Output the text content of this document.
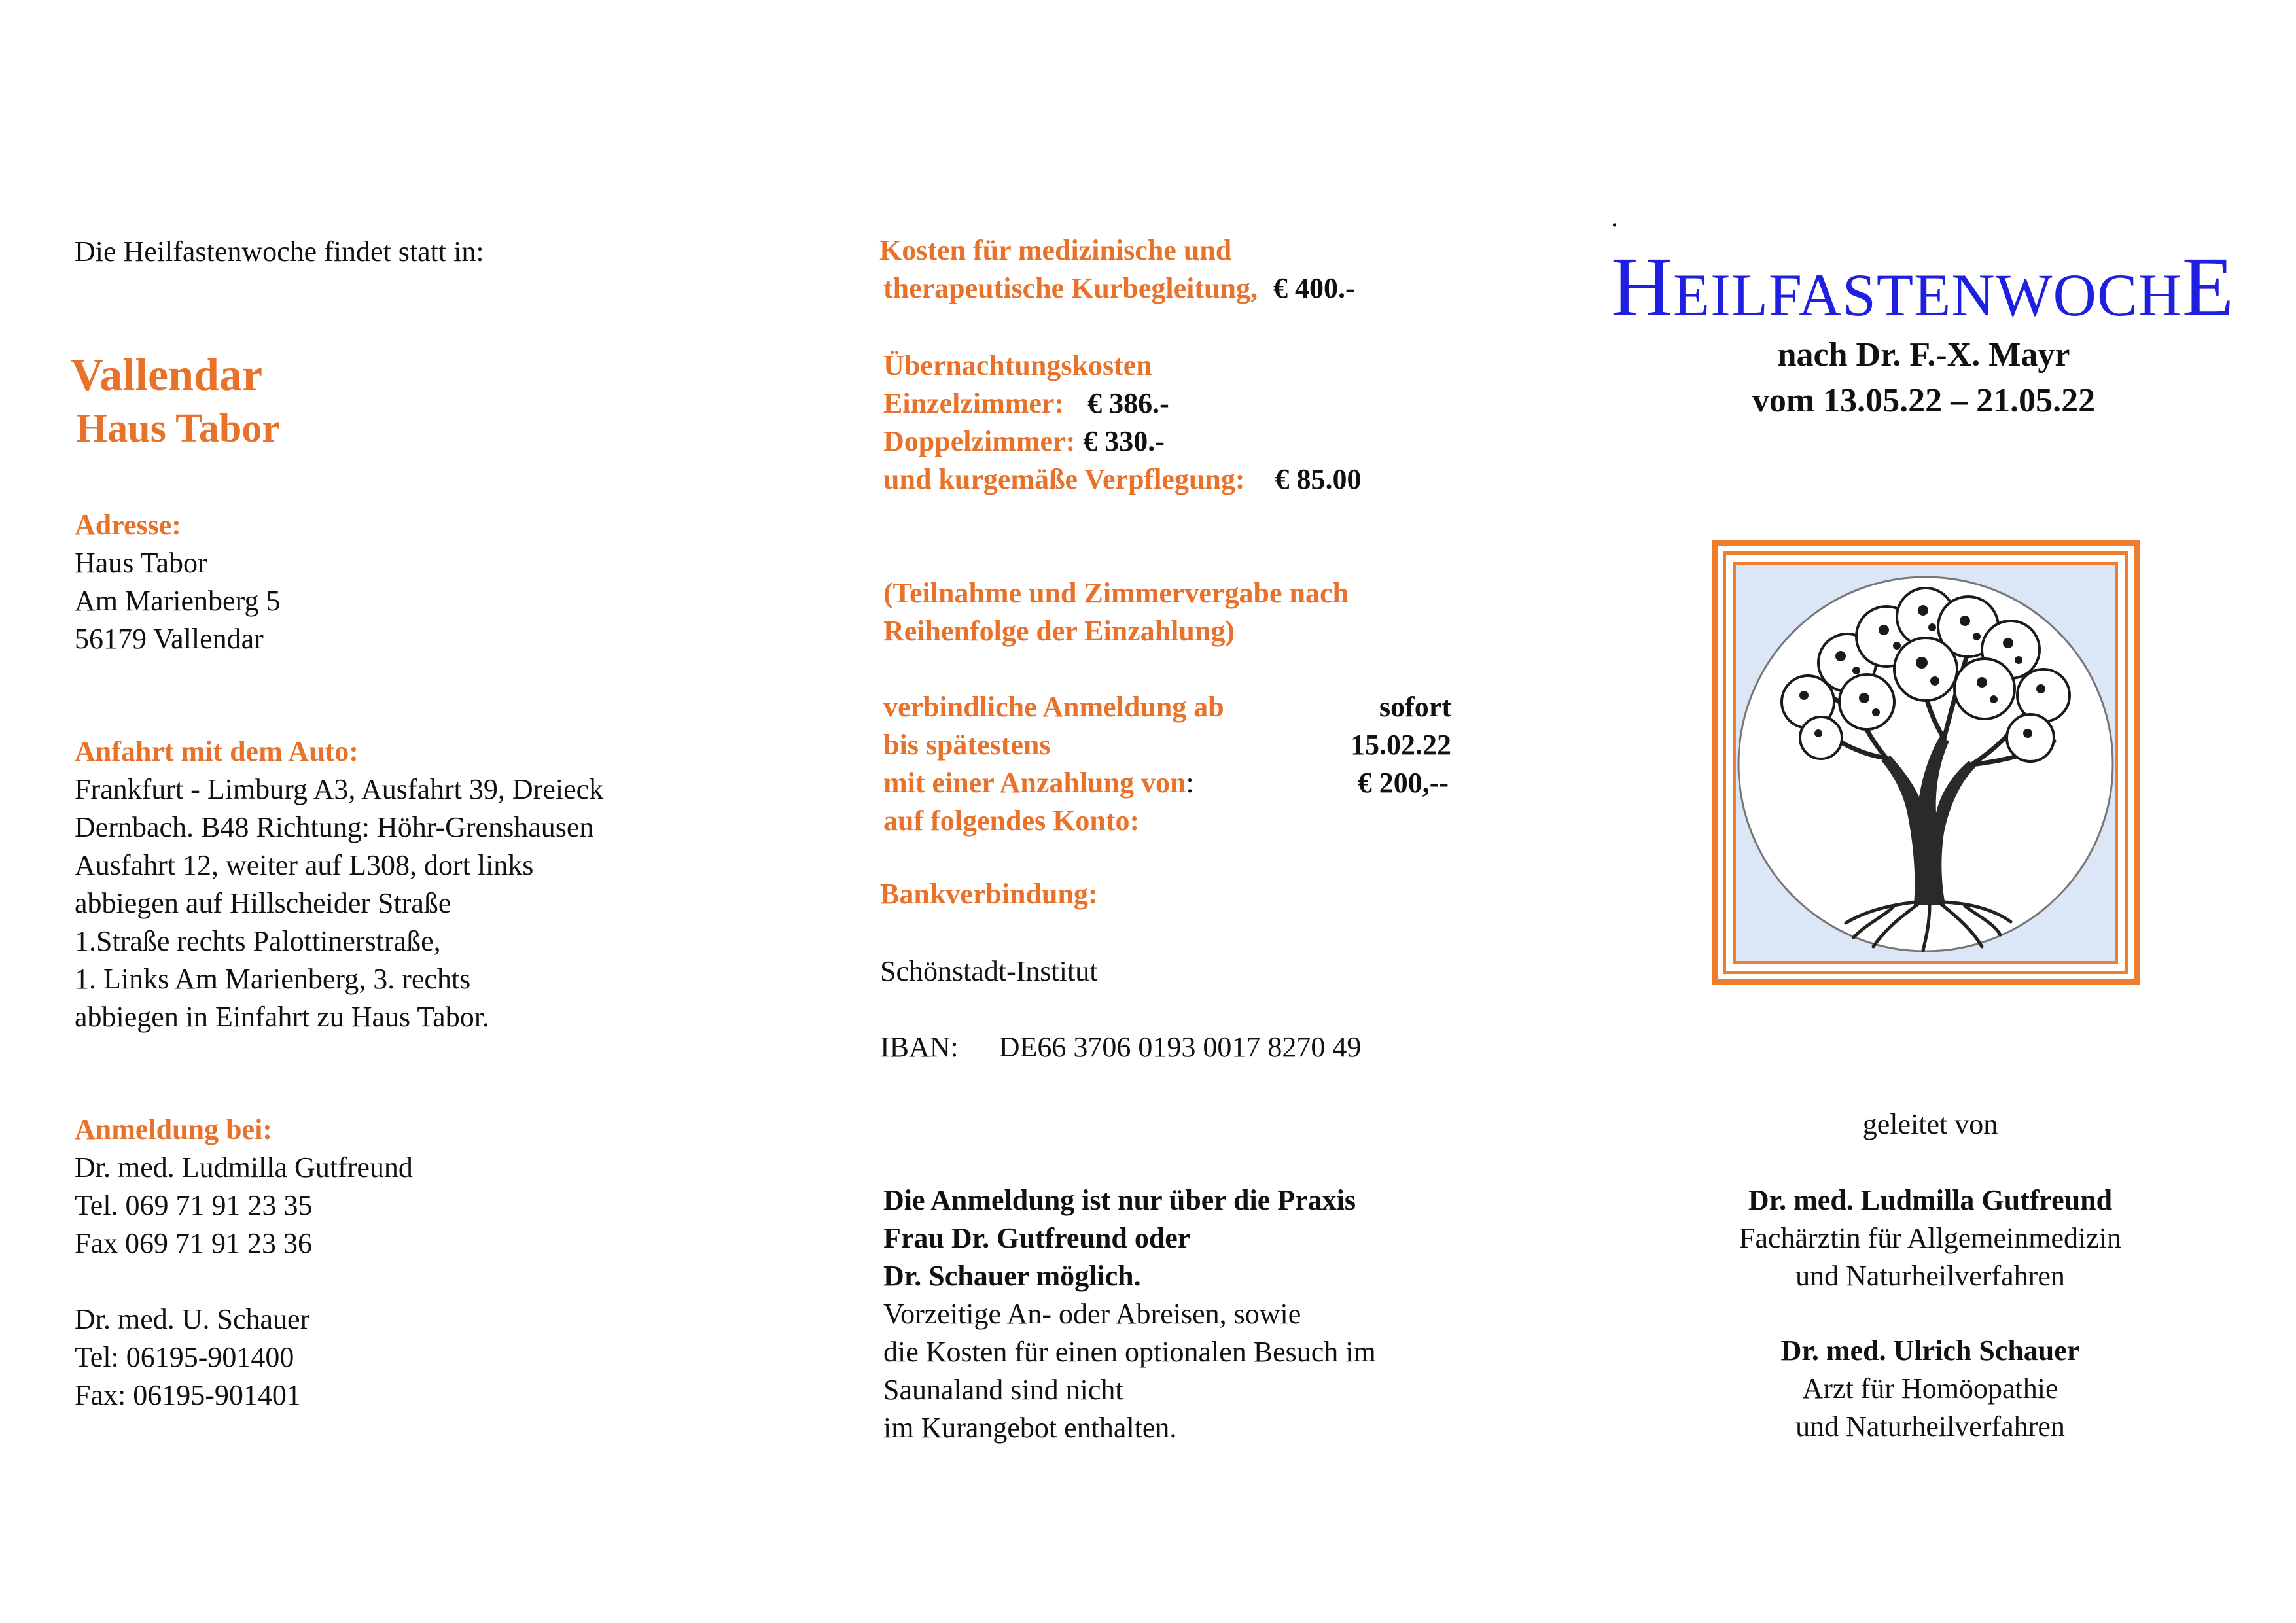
Die Heilfastenwoche findet statt in:
Vallendar
Haus Tabor
Adresse:
Haus Tabor
Am Marienberg 5
56179 Vallendar
Anfahrt mit dem Auto:
Frankfurt - Limburg A3, Ausfahrt 39, Dreieck
Dernbach. B48 Richtung: Höhr-Grenshausen
Ausfahrt 12, weiter auf L308, dort links
abbiegen auf Hillscheider Straße
1.Straße rechts Palottinerstraße,
1. Links Am Marienberg, 3. rechts
abbiegen in Einfahrt zu Haus Tabor.
Anmeldung bei:
Dr. med. Ludmilla Gutfreund
Tel. 069 71 91 23 35
Fax 069 71 91 23 36
Dr. med. U. Schauer
Tel: 06195-901400
Fax: 06195-901401
Kosten für medizinische und
therapeutische Kurbegleitung, € 400.-
Übernachtungskosten
Einzelzimmer: € 386.-
Doppelzimmer: € 330.-
und kurgemäße Verpflegung: € 85.00
(Teilnahme und Zimmervergabe nach
Reihenfolge der Einzahlung)
verbindliche Anmeldung ab	sofort
bis spätestens	15.02.22
mit einer Anzahlung von:	€ 200,--
auf folgendes Konto:
Bankverbindung:
Schönstadt-Institut
IBAN: DE66 3706 0193 0017 8270 49
Die Anmeldung ist nur über die Praxis
Frau Dr. Gutfreund oder
Dr. Schauer möglich.
Vorzeitige An- oder Abreisen, sowie
die Kosten für einen optionalen Besuch im
Saunaland sind nicht
im Kurangebot enthalten.
.
HEILFASTENWOCHE
nach Dr. F.-X. Mayr
vom 13.05.22 – 21.05.22
geleitet von
Dr. med. Ludmilla Gutfreund
Fachärztin für Allgemeinmedizin
und Naturheilverfahren
Dr. med. Ulrich Schauer
Arzt für Homöopathie
und Naturheilverfahren
